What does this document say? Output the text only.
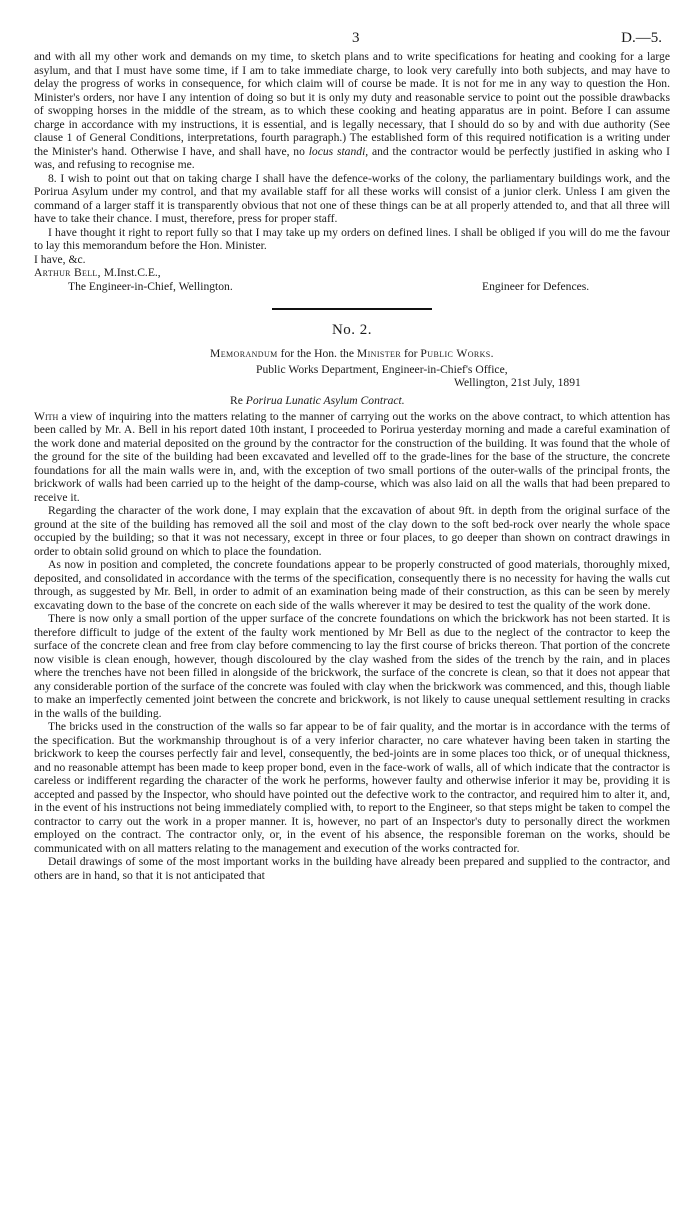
3	D.—5.

and with all my other work and demands on my time, to sketch plans and to write specifications for heating and cooking for a large asylum, and that I must have some time, if I am to take immediate charge, to look very carefully into both subjects, and may have to delay the progress of works in consequence, for which claim will of course be made. It is not for me in any way to question the Hon. Minister's orders, nor have I any intention of doing so but it is only my duty and reasonable service to point out the possible drawbacks of swopping horses in the middle of the stream, as to which these cooking and heating apparatus are in point. Before I can assume charge in accordance with my instructions, it is essential, and is legally necessary, that I should do so by and with due authority (See clause 1 of General Conditions, interpretations, fourth paragraph.) The established form of this required notification is a writing under the Minister's hand. Otherwise I have, and shall have, no locus standi, and the contractor would be perfectly justified in asking who I was, and refusing to recognise me.

8. I wish to point out that on taking charge I shall have the defence-works of the colony, the parliamentary buildings work, and the Porirua Asylum under my control, and that my available staff for all these works will consist of a junior clerk. Unless I am given the command of a larger staff it is transparently obvious that not one of these things can be at all properly attended to, and that all three will have to take their chance. I must, therefore, press for proper staff.

I have thought it right to report fully so that I may take up my orders on defined lines. I shall be obliged if you will do me the favour to lay this memorandum before the Hon. Minister.

I have, &c.

Arthur Bell, M.Inst.C.E.,

The Engineer-in-Chief, Wellington.	Engineer for Defences.
No. 2.
Memorandum for the Hon. the Minister for Public Works.
Public Works Department, Engineer-in-Chief's Office,
Wellington, 21st July, 1891
Re Porirua Lunatic Asylum Contract.

With a view of inquiring into the matters relating to the manner of carrying out the works on the above contract, to which attention has been called by Mr. A. Bell in his report dated 10th instant, I proceeded to Porirua yesterday morning and made a careful examination of the work done and material deposited on the ground by the contractor for the construction of the building. It was found that the whole of the ground for the site of the building had been excavated and levelled off to the grade-lines for the base of the structure, the concrete foundations for all the main walls were in, and, with the exception of two small portions of the outer-walls of the principal fronts, the brickwork of walls had been carried up to the height of the damp-course, which was also laid on all the walls that had been prepared to receive it.

Regarding the character of the work done, I may explain that the excavation of about 9ft. in depth from the original surface of the ground at the site of the building has removed all the soil and most of the clay down to the soft bed-rock over nearly the whole space occupied by the building; so that it was not necessary, except in three or four places, to go deeper than shown on contract drawings in order to obtain solid ground on which to place the foundation.

As now in position and completed, the concrete foundations appear to be properly constructed of good materials, thoroughly mixed, deposited, and consolidated in accordance with the terms of the specification, consequently there is no necessity for having the walls cut through, as suggested by Mr. Bell, in order to admit of an examination being made of their construction, as this can be seen by merely excavating down to the base of the concrete on each side of the walls wherever it may be desired to test the quality of the work done.

There is now only a small portion of the upper surface of the concrete foundations on which the brickwork has not been started. It is therefore difficult to judge of the extent of the faulty work mentioned by Mr Bell as due to the neglect of the contractor to keep the surface of the concrete clean and free from clay before commencing to lay the first course of bricks thereon. That portion of the concrete now visible is clean enough, however, though discoloured by the clay washed from the sides of the trench by the rain, and in places where the trenches have not been filled in alongside of the brickwork, the surface of the concrete is clean, so that it does not appear that any considerable portion of the surface of the concrete was fouled with clay when the brickwork was commenced, and this, though liable to make an imperfectly cemented joint between the concrete and brickwork, is not likely to cause unequal settlement resulting in cracks in the walls of the building.

The bricks used in the construction of the walls so far appear to be of fair quality, and the mortar is in accordance with the terms of the specification. But the workmanship throughout is of a very inferior character, no care whatever having been taken in starting the brickwork to keep the courses perfectly fair and level, consequently, the bed-joints are in some places too thick, or of unequal thickness, and no reasonable attempt has been made to keep proper bond, even in the face-work of walls, all of which indicate that the contractor is careless or indifferent regarding the character of the work he performs, however faulty and otherwise inferior it may be, providing it is accepted and passed by the Inspector, who should have pointed out the defective work to the contractor, and required him to alter it, and, in the event of his instructions not being immediately complied with, to report to the Engineer, so that steps might be taken to compel the contractor to carry out the work in a proper manner. It is, however, no part of an Inspector's duty to personally direct the workmen employed on the contract. The contractor only, or, in the event of his absence, the responsible foreman on the works, should be communicated with on all matters relating to the management and execution of the works contracted for.

Detail drawings of some of the most important works in the building have already been prepared and supplied to the contractor, and others are in hand, so that it is not anticipated that
